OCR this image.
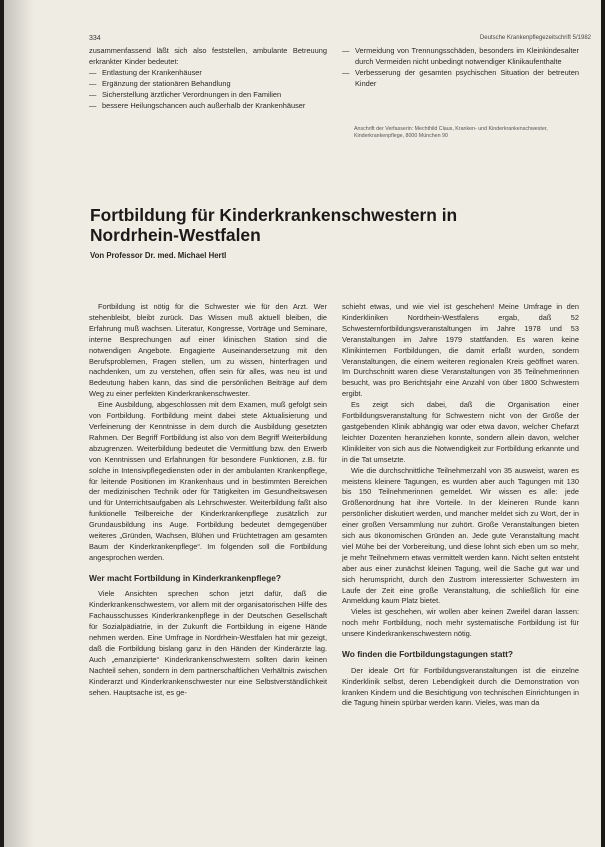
334	Deutsche Krankenpflegezeitschrift 5/1982

zusammenfassend läßt sich also feststellen, ambulante Betreuung erkrankter Kinder bedeutet:

— Entlastung der Krankenhäuser
— Ergänzung der stationären Behandlung
— Sicherstellung ärztlicher Verordnungen in den Familien
— bessere Heilungschancen auch außerhalb der Krankenhäuser
— Vermeidung von Trennungsschäden, besonders im Kleinkindesalter durch Vermeiden nicht unbedingt notwendiger Klinikaufenthalte
— Verbesserung der gesamten psychischen Situation der betreuten Kinder
Anschrift der Verfasserin: Mechthild Claus, Kranken- und Kinderkrankenschwester, Kinderkrankenpflege, 8000 München 90
Fortbildung für Kinderkrankenschwestern in Nordrhein-Westfalen
Von Professor Dr. med. Michael Hertl

Fortbildung ist nötig für die Schwester wie für den Arzt. Wer stehenbleibt, bleibt zurück. Das Wissen muß aktuell bleiben, die Erfahrung muß wachsen. Literatur, Kongresse, Vorträge und Seminare, interne Besprechungen auf einer klinischen Station sind die notwendigen Angebote. Engagierte Auseinandersetzung mit den Berufsproblemen, Fragen stellen, um zu wissen, hinterfragen und nachdenken, um zu verstehen, offen sein für alles, was neu ist und Bedeutung haben kann, das sind die persönlichen Beiträge auf dem Weg zu einer perfekten Kinderkrankenschwester.

Eine Ausbildung, abgeschlossen mit dem Examen, muß gefolgt sein von Fortbildung. Fortbildung meint dabei stete Aktualisierung und Verfeinerung der Kenntnisse in dem durch die Ausbildung gesetzten Rahmen. Der Begriff Fortbildung ist also von dem Begriff Weiterbildung abzugrenzen. Weiterbildung bedeutet die Vermittlung bzw. den Erwerb von Kenntnissen und Erfahrungen für besondere Funktionen, z.B. für solche in Intensivpflegediensten oder in der ambulanten Krankenpflege, für leitende Positionen im Krankenhaus und in bestimmten Bereichen der medizinischen Technik oder für Tätigkeiten im Gesundheitswesen und für Unterrichtsaufgaben als Lehrschwester. Weiterbildung faßt also funktionelle Teilbereiche der Kinderkrankenpflege zusätzlich zur Grundausbildung ins Auge. Fortbildung bedeutet demgegenüber weiteres „Gründen, Wachsen, Blühen und Früchtetragen am gesamten Baum der Kinderkrankenpflege“. Im folgenden soll die Fortbildung angesprochen werden.

Wer macht Fortbildung in Kinderkrankenpflege?

Viele Ansichten sprechen schon jetzt dafür, daß die Kinderkrankenschwestern, vor allem mit der organisatorischen Hilfe des Fachausschusses Kinderkrankenpflege in der Deutschen Gesellschaft für Sozialpädiatrie, in der Zukunft die Fortbildung in eigene Hände nehmen werden. Eine Umfrage in Nordrhein-Westfalen hat mir gezeigt, daß die Fortbildung bislang ganz in den Händen der Kinderärzte lag. Auch „emanzipierte“ Kinderkrankenschwestern sollten darin keinen Nachteil sehen, sondern in dem partnerschaftlichen Verhältnis zwischen Kinderarzt und Kinderkrankenschwester nur eine Selbstverständlichkeit sehen. Hauptsache ist, es ge-

schieht etwas, und wie viel ist geschehen! Meine Umfrage in den Kinderkliniken Nordrhein-Westfalens ergab, daß 52 Schwesternfortbildungsveranstaltungen im Jahre 1978 und 53 Veranstaltungen im Jahre 1979 stattfanden. Es waren keine Klinikinternen Fortbildungen, die damit erfaßt wurden, sondern Veranstaltungen, die einem weiteren regionalen Kreis geöffnet waren. Im Durchschnitt waren diese Veranstaltungen von 35 Teilnehmerinnen besucht, was pro Berichtsjahr eine Anzahl von über 1800 Schwestern ergibt.

Es zeigt sich dabei, daß die Organisation einer Fortbildungsveranstaltung für Schwestern nicht von der Größe der gastgebenden Klinik abhängig war oder etwa davon, welcher Chefarzt leichter Dozenten heranziehen konnte, sondern allein davon, welcher Klinikleiter von sich aus die Notwendigkeit zur Fortbildung erkannte und in die Tat umsetzte.

Wie die durchschnittliche Teilnehmerzahl von 35 ausweist, waren es meistens kleinere Tagungen, es wurden aber auch Tagungen mit 130 bis 150 Teilnehmerinnen gemeldet. Wir wissen es alle: jede Größenordnung hat ihre Vorteile. In der kleineren Runde kann persönlicher diskutiert werden, und mancher meldet sich zu Wort, der in einer großen Versammlung nur zuhört. Große Veranstaltungen bieten sich aus ökonomischen Gründen an. Jede gute Veranstaltung macht viel Mühe bei der Vorbereitung, und diese lohnt sich eben um so mehr, je mehr Teilnehmern etwas vermittelt werden kann. Nicht selten entsteht aber aus einer zunächst kleinen Tagung, weil die Sache gut war und sich herumspricht, durch den Zustrom interessierter Schwestern im Laufe der Zeit eine große Veranstaltung, die schließlich für eine Anmeldung kaum Platz bietet.

Vieles ist geschehen, wir wollen aber keinen Zweifel daran lassen: noch mehr Fortbildung, noch mehr systematische Fortbildung ist für unsere Kinderkrankenschwestern nötig.

Wo finden die Fortbildungstagungen statt?

Der ideale Ort für Fortbildungsveranstaltungen ist die einzelne Kinderklinik selbst, deren Lebendigkeit durch die Demonstration von kranken Kindern und die Besichtigung von technischen Einrichtungen in die Tagung hinein spürbar werden kann. Vieles, was man da
